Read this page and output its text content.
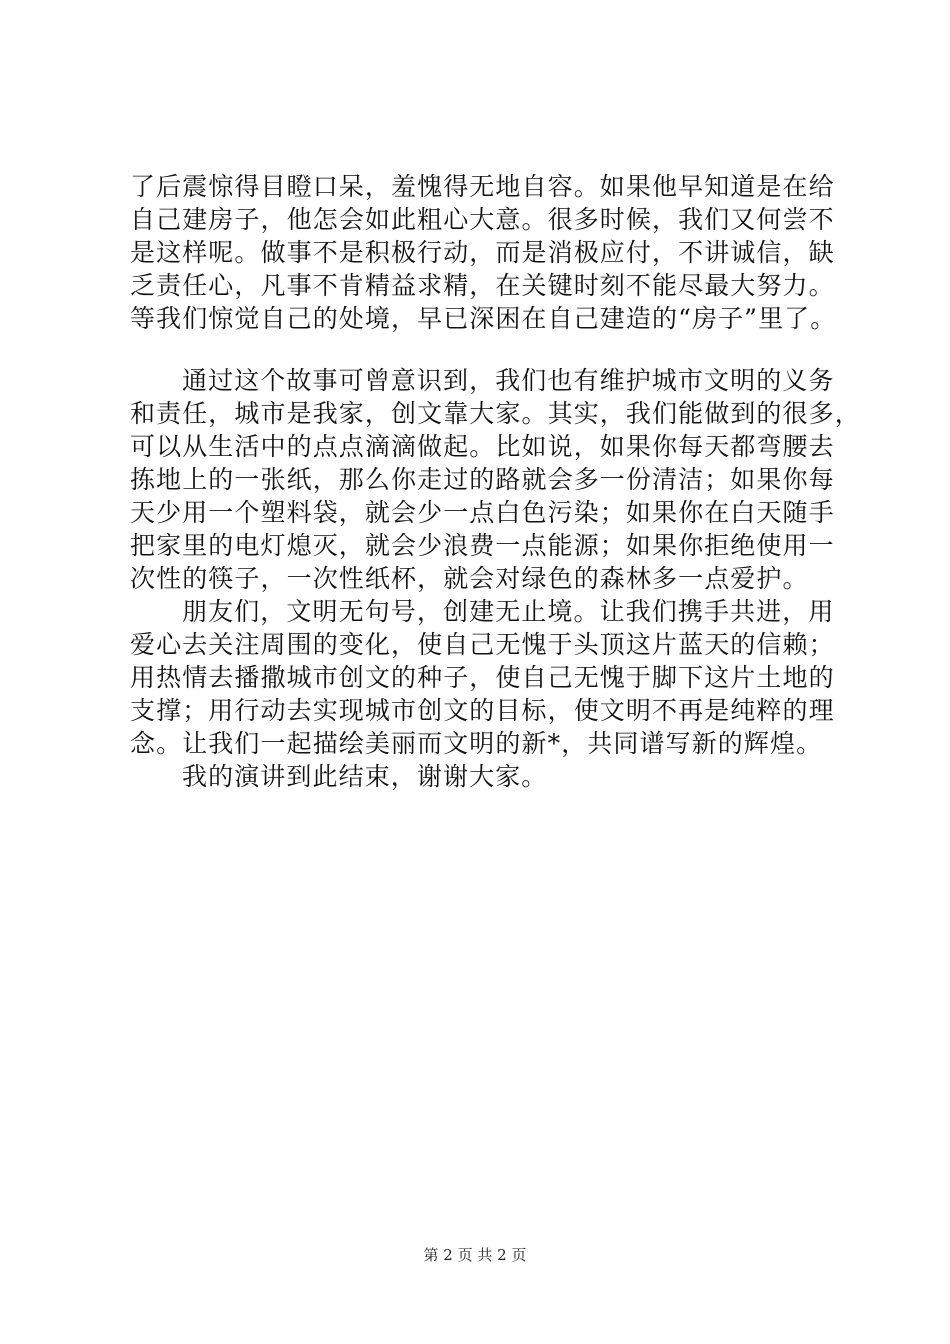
了后震惊得目瞪口呆，羞愧得无地自容。如果他早知道是在给
自己建房子，他怎会如此粗心大意。很多时候，我们又何尝不
是这样呢。做事不是积极行动，而是消极应付，不讲诚信，缺
乏责任心，凡事不肯精益求精，在关键时刻不能尽最大努力。
等我们惊觉自己的处境，早已深困在自己建造的“房子”里了。
通过这个故事可曾意识到，我们也有维护城市文明的义务
和责任，城市是我家，创文靠大家。其实，我们能做到的很多，
可以从生活中的点点滴滴做起。比如说，如果你每天都弯腰去
拣地上的一张纸，那么你走过的路就会多一份清洁；如果你每
天少用一个塑料袋，就会少一点白色污染；如果你在白天随手
把家里的电灯熄灭，就会少浪费一点能源；如果你拒绝使用一
次性的筷子，一次性纸杯，就会对绿色的森林多一点爱护。
朋友们，文明无句号，创建无止境。让我们携手共进，用
爱心去关注周围的变化，使自己无愧于头顶这片蓝天的信赖；
用热情去播撒城市创文的种子，使自己无愧于脚下这片土地的
支撑；用行动去实现城市创文的目标，使文明不再是纯粹的理
念。让我们一起描绘美丽而文明的新*，共同谱写新的辉煌。
我的演讲到此结束，谢谢大家。
第 2 页 共 2 页
